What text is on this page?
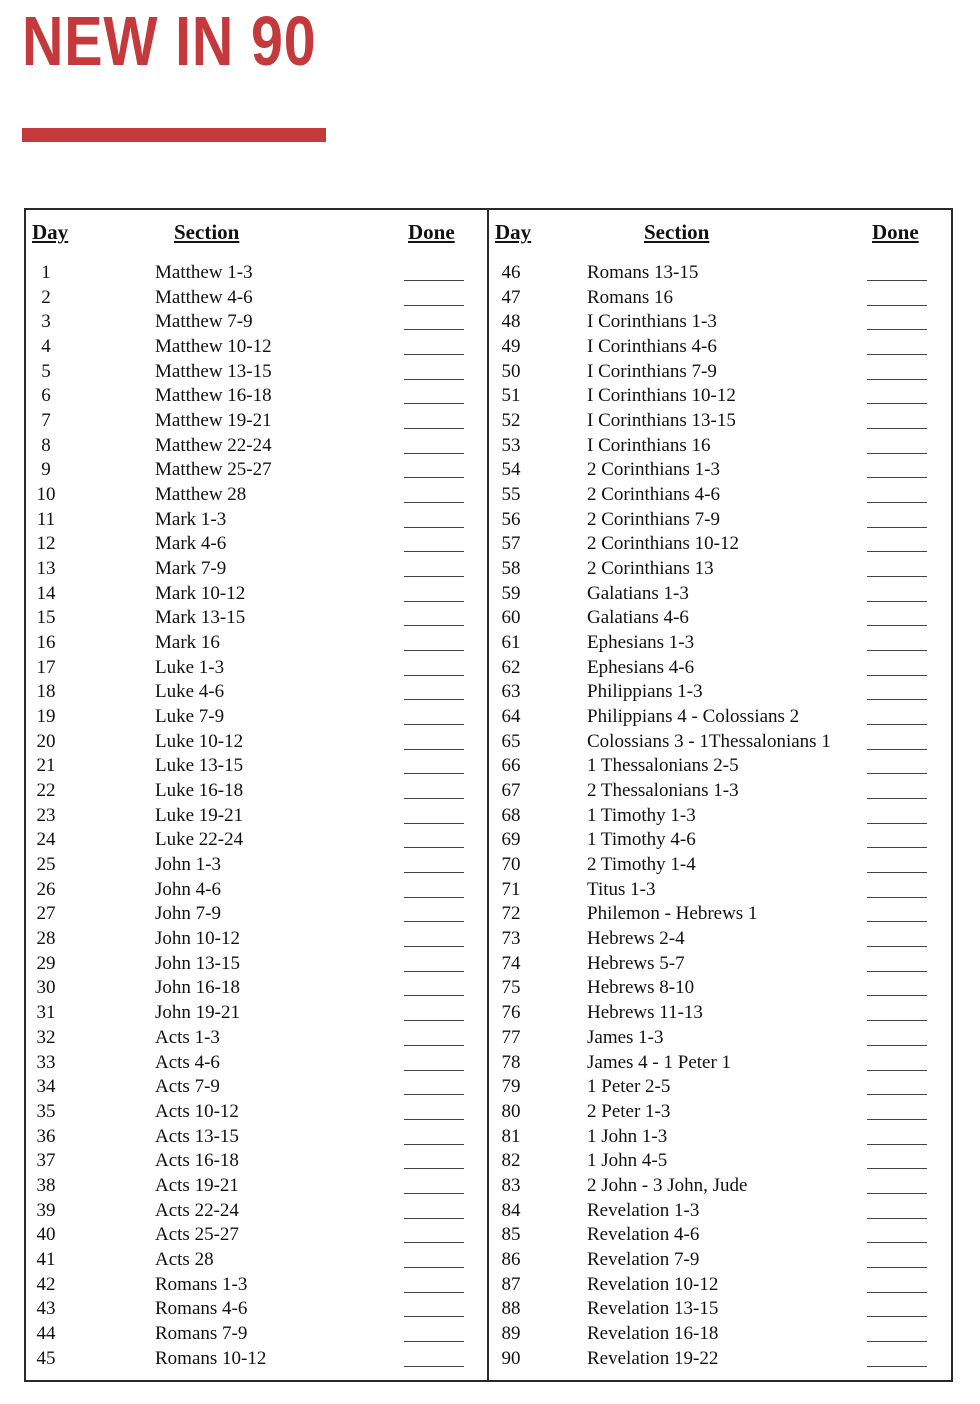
NEW IN 90
Day	Section	Done
1	Matthew 1-3
2	Matthew 4-6
3	Matthew 7-9
4	Matthew 10-12
5	Matthew 13-15
6	Matthew 16-18
7	Matthew 19-21
8	Matthew 22-24
9	Matthew 25-27
10	Matthew 28
11	Mark 1-3
12	Mark 4-6
13	Mark 7-9
14	Mark 10-12
15	Mark 13-15
16	Mark 16
17	Luke 1-3
18	Luke 4-6
19	Luke 7-9
20	Luke 10-12
21	Luke 13-15
22	Luke 16-18
23	Luke 19-21
24	Luke 22-24
25	John 1-3
26	John 4-6
27	John 7-9
28	John 10-12
29	John 13-15
30	John 16-18
31	John 19-21
32	Acts 1-3
33	Acts 4-6
34	Acts 7-9
35	Acts 10-12
36	Acts 13-15
37	Acts 16-18
38	Acts 19-21
39	Acts 22-24
40	Acts 25-27
41	Acts 28
42	Romans 1-3
43	Romans 4-6
44	Romans 7-9
45	Romans 10-12
Day	Section	Done
46	Romans 13-15
47	Romans 16
48	I Corinthians 1-3
49	I Corinthians 4-6
50	I Corinthians 7-9
51	I Corinthians 10-12
52	I Corinthians 13-15
53	I Corinthians 16
54	2 Corinthians 1-3
55	2 Corinthians 4-6
56	2 Corinthians 7-9
57	2 Corinthians 10-12
58	2 Corinthians 13
59	Galatians 1-3
60	Galatians 4-6
61	Ephesians 1-3
62	Ephesians 4-6
63	Philippians 1-3
64	Philippians 4 - Colossians 2
65	Colossians 3 - 1Thessalonians 1
66	1 Thessalonians 2-5
67	2 Thessalonians 1-3
68	1 Timothy 1-3
69	1 Timothy 4-6
70	2 Timothy 1-4
71	Titus 1-3
72	Philemon - Hebrews 1
73	Hebrews 2-4
74	Hebrews 5-7
75	Hebrews 8-10
76	Hebrews 11-13
77	James 1-3
78	James 4 - 1 Peter 1
79	1 Peter 2-5
80	2 Peter 1-3
81	1 John 1-3
82	1 John 4-5
83	2 John - 3 John, Jude
84	Revelation 1-3
85	Revelation 4-6
86	Revelation 7-9
87	Revelation 10-12
88	Revelation 13-15
89	Revelation 16-18
90	Revelation 19-22
